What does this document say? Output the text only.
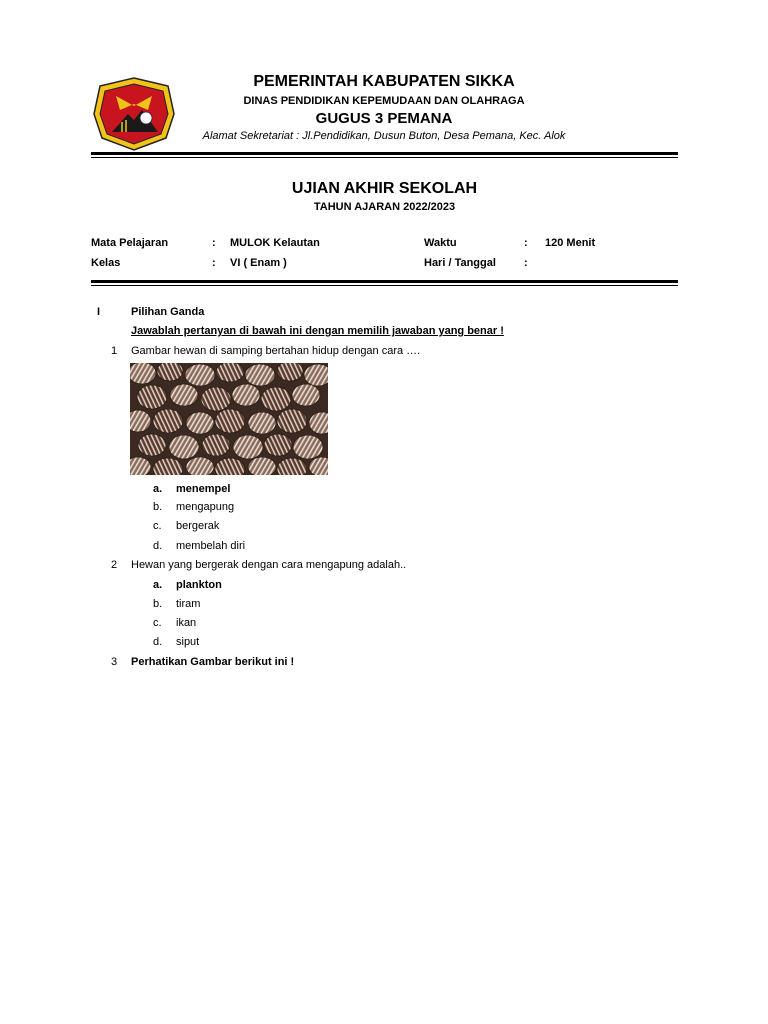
PEMERINTAH KABUPATEN SIKKA
DINAS PENDIDIKAN KEPEMUDAAN DAN OLAHRAGA
GUGUS 3 PEMANA
Alamat Sekretariat : Jl.Pendidikan, Dusun Buton, Desa Pemana, Kec. Alok
UJIAN AKHIR SEKOLAH
TAHUN AJARAN 2022/2023
Mata Pelajaran	: MULOK Kelautan	Waktu	: 120 Menit
Kelas	: VI ( Enam )	Hari / Tanggal	:
I	Pilihan Ganda
Jawablah pertanyan di bawah ini dengan memilih jawaban yang benar !
1 Gambar hewan di samping bertahan hidup dengan cara ….
a. menempel
b. mengapung
c. bergerak
d. membelah diri
2 Hewan yang bergerak dengan cara mengapung adalah..
a. plankton
b. tiram
c. ikan
d. siput
3 Perhatikan Gambar berikut ini !
